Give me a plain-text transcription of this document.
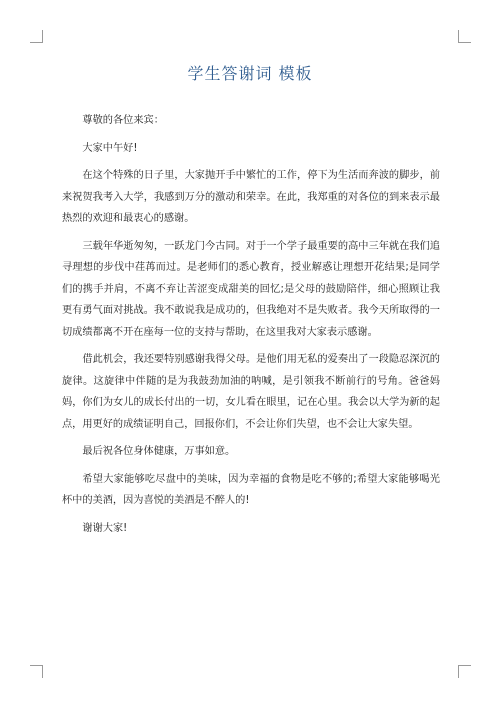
学生答谢词 模板

尊敬的各位来宾：

大家中午好!

在这个特殊的日子里，大家抛开手中繁忙的工作，停下为生活而奔波的脚步，前来祝贺我考入大学，我感到万分的激动和荣幸。在此，我郑重的对各位的到来表示最热烈的欢迎和最衷心的感谢。

三载年华逝匆匆，一跃龙门今古同。对于一个学子最重要的高中三年就在我们追寻理想的步伐中荏苒而过。是老师们的悉心教育，授业解惑让理想开花结果;是同学们的携手并肩，不离不弃让苦涩变成甜美的回忆;是父母的鼓励陪伴，细心照顾让我更有勇气面对挑战。我不敢说我是成功的，但我绝对不是失败者。我今天所取得的一切成绩都离不开在座每一位的支持与帮助，在这里我对大家表示感谢。

借此机会，我还要特别感谢我得父母。是他们用无私的爱奏出了一段隐忍深沉的旋律。这旋律中伴随的是为我鼓劲加油的呐喊，是引领我不断前行的号角。爸爸妈妈，你们为女儿的成长付出的一切，女儿看在眼里，记在心里。我会以大学为新的起点，用更好的成绩证明自己，回报你们，不会让你们失望，也不会让大家失望。

最后祝各位身体健康，万事如意。

希望大家能够吃尽盘中的美味，因为幸福的食物是吃不够的;希望大家能够喝光杯中的美酒，因为喜悦的美酒是不醉人的!

谢谢大家!
